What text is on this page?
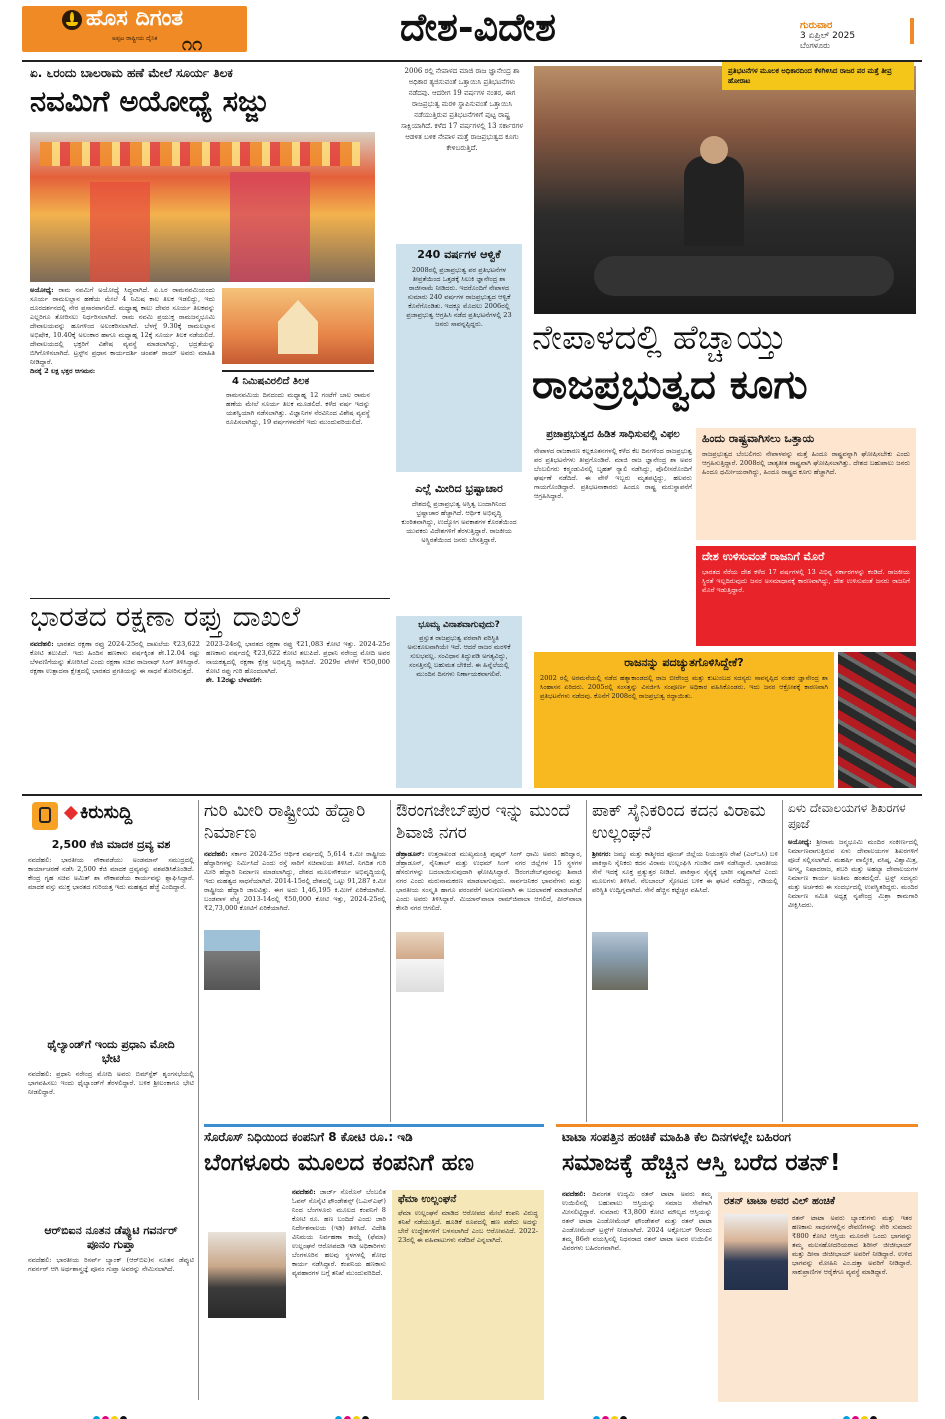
ಹೊಸ ದಿಗಂತ
ಅಪ್ಪಟ ರಾಷ್ಟ್ರೀಯ ದೈನಿಕ ೧೧	ದೇಶ-ವಿದೇಶ	ಗುರುವಾರ
3 ಏಪ್ರಿಲ್ 2025
ಬೆಂಗಳೂರು
ಏ. ೬ರಂದು ಬಾಲರಾಮ ಹಣೆ ಮೇಲೆ ಸೂರ್ಯ ತಿಲಕ
ನವಮಿಗೆ ಅಯೋಧ್ಯೆ ಸಜ್ಜು
ಅಯೋಧ್ಯೆ: ರಾಮ ನವಮಿಗೆ ಅಯೋಧ್ಯೆ ಸಿದ್ಧವಾಗಿದೆ. ಏ.೬ರ ರಾಮನವಮಿಯಂದು ಸೂರ್ಯ ರಾಮಲಲ್ಲಾನ ಹಣೆಯ ಮೇಲೆ 4 ನಿಮಿಷ ಕಾಲ ತಿಲಕ ಇಡಲಿದ್ದು, ಇದು ದೂರದರ್ಶನದಲ್ಲಿ ನೇರ ಪ್ರಸಾರವಾಗಲಿದೆ. ಮಧ್ಯಾಹ್ನ ಕಾಲು ದೇವರ ಸೂರ್ಯ ತಿಲಕವನ್ನು ಎಲ್ಲರಿಗೂ ತೋರಿಸಲು ನಿರ್ಧರಿಸಲಾಗಿದೆ. ರಾಮ ನವಮಿ ಪ್ರಯುಕ್ತ ರಾಮಜನ್ಮಭೂಮಿ ದೇವಾಲಯವನ್ನು ಹೂಗಳಿಂದ ಅಲಂಕರಿಸಲಾಗಿದೆ. ಬೆಳಗ್ಗೆ 9.30ಕ್ಕೆ ರಾಮಲಲ್ಲಾನ ಅಭಿಷೇಕ, 10.40ಕ್ಕೆ ಅಲಂಕಾರ ಹಾಗೂ ಮಧ್ಯಾಹ್ನ 12ಕ್ಕೆ ಸೂರ್ಯ ತಿಲಕ ನಡೆಯಲಿದೆ. ದೇವಾಲಯದಲ್ಲಿ ಭಕ್ತರಿಗೆ ವಿಶೇಷ ವ್ಯವಸ್ಥೆ ಮಾಡಲಾಗಿದ್ದು, ಭದ್ರತೆಯನ್ನು ಬಿಗಿಗೊಳಿಸಲಾಗಿದೆ. ಟ್ರಸ್ಟ್‌ನ ಪ್ರಧಾನ ಕಾರ್ಯದರ್ಶಿ ಚಂಪತ್ ರಾಯ್ ಅವರು ಮಾಹಿತಿ ನೀಡಿದ್ದಾರೆ.
ದಿನಕ್ಕೆ 2 ಲಕ್ಷ ಭಕ್ತರ ಆಗಮನ:
4 ನಿಮಿಷವಿರಲಿದೆ ತಿಲಕ
ರಾಮನವಮಿಯ ದಿನದಂದು ಮಧ್ಯಾಹ್ನ 12 ಗಂಟೆಗೆ ಬಾಲ ರಾಮನ ಹಣೆಯ ಮೇಲೆ ಸೂರ್ಯ ತಿಲಕ ಮೂಡಲಿದೆ. ಕಳೆದ ವರ್ಷ ಇದನ್ನು ಯಶಸ್ವಿಯಾಗಿ ನಡೆಸಲಾಗಿತ್ತು. ವಿಜ್ಞಾನಿಗಳ ನೆರವಿನಿಂದ ವಿಶೇಷ ವ್ಯವಸ್ಥೆ ರೂಪಿಸಲಾಗಿದ್ದು, 19 ವರ್ಷಗಳವರೆಗೆ ಇದು ಮುಂದುವರಿಯಲಿದೆ.
2006 ರಲ್ಲಿ ನೇಪಾಳದ ಮಾಜಿ ರಾಜ ಜ್ಞಾನೇಂದ್ರ ಶಾ ಅಧಿಕಾರ ತ್ಯಜಿಸುವಂತೆ ಒತ್ತಾಯಿಸಿ ಪ್ರತಿಭಟನೆಗಳು ನಡೆದವು. ಆದರೀಗ 19 ವರ್ಷಗಳ ನಂತರ, ಈಗ ರಾಜಪ್ರಭುತ್ವ ಮರಳಿ ಸ್ಥಾಪಿಸುವಂತೆ ಒತ್ತಾಯಿಸಿ ನಡೆಯುತ್ತಿರುವ ಪ್ರತಿಭಟನೆಗಳಿಗೆ ಪುಟ್ಟ ರಾಷ್ಟ್ರ ಸಾಕ್ಷಿಯಾಗಿದೆ. ಕಳೆದ 17 ವರ್ಷಗಳಲ್ಲಿ 13 ಸರ್ಕಾರಗಳ ಆಡಳಿತ ಬಳಿಕ ನೇಪಾಳ ಮತ್ತೆ ರಾಜಪ್ರಭುತ್ವದ ಕೂಗು ಕೇಳಿಬರುತ್ತಿದೆ.
ಪ್ರತಿಭಟನೆಗಳ ಮೂಲಕ ಅಧಿಕಾರದಿಂದ ಕೆಳಗಿಳಿಸಿದ ರಾಜರ ಪರ ಮತ್ತೆ ತೀವ್ರ ಹೋರಾಟ
240 ವರ್ಷಗಳ ಆಳ್ವಿಕೆ
2008ರಲ್ಲಿ ಪ್ರಜಾಪ್ರಭುತ್ವ ಪರ ಪ್ರತಿಭಟನೆಗಳ ತೀವ್ರತೆಯಿಂದ ಒತ್ತಡಕ್ಕೆ ಸಿಲುಕಿ ಜ್ಞಾನೇಂದ್ರ ಶಾ ರಾಜೀನಾಮೆ ನೀಡಿದರು. ಇದರೊಂದಿಗೆ ನೇಪಾಳದ ಸುಮಾರು 240 ವರ್ಷಗಳ ರಾಜಪ್ರಭುತ್ವದ ಆಳ್ವಿಕೆ ಕೊನೆಗೊಂಡಿತು. ಇದಕ್ಕೂ ಮೊದಲು 2006ರಲ್ಲಿ ಪ್ರಜಾಪ್ರಭುತ್ವ ಆಗ್ರಹಿಸಿ ನಡೆದ ಪ್ರತಿಭಟನೆಗಳಲ್ಲಿ 23 ಜನರು ಸಾವನ್ನಪ್ಪಿದ್ದರು.
ಎಲ್ಲೆ ಮೀರಿದ ಭ್ರಷ್ಟಾಚಾರ
ದೇಶದಲ್ಲಿ ಪ್ರಜಾಪ್ರಭುತ್ವ ಅಸ್ತಿತ್ವ ಬಂದಾಗಿನಿಂದ ಭ್ರಷ್ಟಾಚಾರ ಹೆಚ್ಚಾಗಿದೆ. ಆರ್ಥಿಕ ಅಭಿವೃದ್ಧಿ ಕುಂಠಿತವಾಗಿದ್ದು, ಉದ್ಯೋಗ ಅವಕಾಶಗಳ ಕೊರತೆಯಿಂದ ಯುವಕರು ವಿದೇಶಗಳಿಗೆ ತೆರಳುತ್ತಿದ್ದಾರೆ. ರಾಜಕೀಯ ಅಸ್ಥಿರತೆಯಿಂದ ಜನರು ಬೇಸತ್ತಿದ್ದಾರೆ.
ಭೂಮ್ಯ ವಿನಾಶವಾಗುವುದು?
ಪ್ರಸ್ತುತ ರಾಜಪ್ರಭುತ್ವ ಪರವಾಗಿ ಪರಿಸ್ಥಿತಿ ಅನುಕೂಲವಾಗಿಯೇ ಇದೆ. ಆದರೆ ರಾಜರ ಮರಳಿಕೆ ಸುಲಭವಲ್ಲ. ಸಂವಿಧಾನ ತಿದ್ದುಪಡಿ ಅಗತ್ಯವಿದ್ದು, ಸಂಸತ್ತಿನಲ್ಲಿ ಬಹುಮತ ಬೇಕಿದೆ. ಈ ಹಿನ್ನೆಲೆಯಲ್ಲಿ ಮುಂದಿನ ದಿನಗಳು ನಿರ್ಣಾಯಕವಾಗಲಿವೆ.
ನೇಪಾಳದಲ್ಲಿ ಹೆಚ್ಚಾಯ್ತು
ರಾಜಪ್ರಭುತ್ವದ ಕೂಗು
ಪ್ರಜಾಪ್ರಭುತ್ವದ ಹಿಡಿತ ಸಾಧಿಸುವಲ್ಲಿ ವಿಫಲ
ನೇಪಾಳದ ರಾಜಕಾರಣ ಕಲ್ಲಕೂತನಗಳಲ್ಲಿ ಕಳೆದ ಕೆಲ ದಿನಗಳಿಂದ ರಾಜಪ್ರಭುತ್ವ ಪರ ಪ್ರತಿಭಟನೆಗಳು ತೀವ್ರಗೊಂಡಿವೆ. ಮಾಜಿ ರಾಜ ಜ್ಞಾನೇಂದ್ರ ಶಾ ಅವರ ಬೆಂಬಲಿಗರು ಕಠ್ಮಂಡುವಿನಲ್ಲಿ ಬೃಹತ್ ರ‍್ಯಾಲಿ ನಡೆಸಿದ್ದು, ಪೊಲೀಸರೊಂದಿಗೆ ಘರ್ಷಣೆ ನಡೆದಿದೆ. ಈ ವೇಳೆ ಇಬ್ಬರು ಮೃತಪಟ್ಟಿದ್ದು, ಹಲವರು ಗಾಯಗೊಂಡಿದ್ದಾರೆ. ಪ್ರತಿಭಟನಾಕಾರರು ಹಿಂದೂ ರಾಷ್ಟ್ರ ಮರುಸ್ಥಾಪನೆಗೆ ಆಗ್ರಹಿಸಿದ್ದಾರೆ.
ಹಿಂದು ರಾಷ್ಟ್ರವಾಗಿಸಲು ಒತ್ತಾಯ
ರಾಜಪ್ರಭುತ್ವದ ಬೆಂಬಲಿಗರು ನೇಪಾಳವನ್ನು ಮತ್ತೆ ಹಿಂದೂ ರಾಷ್ಟ್ರವನ್ನಾಗಿ ಘೋಷಿಸಬೇಕು ಎಂದು ಆಗ್ರಹಿಸುತ್ತಿದ್ದಾರೆ. 2008ರಲ್ಲಿ ಜಾತ್ಯತೀತ ರಾಷ್ಟ್ರವಾಗಿ ಘೋಷಿಸಲಾಗಿತ್ತು. ದೇಶದ ಬಹುಪಾಲು ಜನರು ಹಿಂದೂ ಧರ್ಮೀಯರಾಗಿದ್ದು, ಹಿಂದೂ ರಾಷ್ಟ್ರದ ಕೂಗು ಹೆಚ್ಚಾಗಿದೆ.
ದೇಶ ಉಳಿಸುವಂತೆ ರಾಜನಿಗೆ ಮೊರೆ
ಭಾರತದ ನೆರೆಯ ದೇಶ ಕಳೆದ 17 ವರ್ಷಗಳಲ್ಲಿ 13 ವಿಭಿನ್ನ ಸರ್ಕಾರಗಳನ್ನು ಕಂಡಿದೆ. ರಾಜಕೀಯ ಸ್ಥಿರತೆ ಇಲ್ಲದಿರುವುದು ಜನರ ಅಸಮಾಧಾನಕ್ಕೆ ಕಾರಣವಾಗಿದ್ದು, ದೇಶ ಉಳಿಸುವಂತೆ ಜನರು ರಾಜನಿಗೆ ಮೊರೆ ಇಡುತ್ತಿದ್ದಾರೆ.
ರಾಜನನ್ನು ಪದಚ್ಯುತಗೊಳಿಸಿದ್ದೇಕೆ?
2002 ರಲ್ಲಿ ಅರಮನೆಯಲ್ಲಿ ನಡೆದ ಹತ್ಯಾಕಾಂಡದಲ್ಲಿ ರಾಜ ಬೀರೇಂದ್ರ ಮತ್ತು ಕುಟುಂಬದ ಸದಸ್ಯರು ಸಾವನ್ನಪ್ಪಿದ ನಂತರ ಜ್ಞಾನೇಂದ್ರ ಶಾ ಸಿಂಹಾಸನ ಏರಿದರು. 2005ರಲ್ಲಿ ಸಂಸತ್ತನ್ನು ವಿಸರ್ಜಿಸಿ ಸಂಪೂರ್ಣ ಅಧಿಕಾರ ವಹಿಸಿಕೊಂಡರು. ಇದು ಜನರ ಆಕ್ರೋಶಕ್ಕೆ ಕಾರಣವಾಗಿ ಪ್ರತಿಭಟನೆಗಳು ನಡೆದವು. ಕೊನೆಗೆ 2008ರಲ್ಲಿ ರಾಜಪ್ರಭುತ್ವ ರದ್ದಾಯಿತು.
ಭಾರತದ ರಕ್ಷಣಾ ರಫ್ತು ದಾಖಲೆ
ನವದೆಹಲಿ: ಭಾರತದ ರಕ್ಷಣಾ ರಫ್ತು 2024-25ರಲ್ಲಿ ದಾಖಲೆಯ ₹23,622 ಕೋಟಿ ತಲುಪಿದೆ. ಇದು ಹಿಂದಿನ ಹಣಕಾಸು ವರ್ಷಕ್ಕಿಂತ ಶೇ.12.04 ರಷ್ಟು ಬೆಳವಣಿಗೆಯನ್ನು ತೋರಿಸಿದೆ ಎಂದು ರಕ್ಷಣಾ ಸಚಿವ ರಾಜನಾಥ್ ಸಿಂಗ್ ತಿಳಿಸಿದ್ದಾರೆ. ರಕ್ಷಣಾ ಉತ್ಪಾದನಾ ಕ್ಷೇತ್ರದಲ್ಲಿ ಭಾರತದ ಪ್ರಗತಿಯನ್ನು ಈ ಸಾಧನೆ ತೋರಿಸುತ್ತದೆ.
2023-24ರಲ್ಲಿ ಭಾರತದ ರಕ್ಷಣಾ ರಫ್ತು ₹21,083 ಕೋಟಿ ಇತ್ತು. 2024-25ರ ಹಣಕಾಸು ವರ್ಷದಲ್ಲಿ ₹23,622 ಕೋಟಿ ತಲುಪಿದೆ. ಪ್ರಧಾನಿ ನರೇಂದ್ರ ಮೋದಿ ಅವರ ನಾಯಕತ್ವದಲ್ಲಿ ರಕ್ಷಣಾ ಕ್ಷೇತ್ರ ಅಭಿವೃದ್ಧಿ ಸಾಧಿಸಿದೆ. 2029ರ ವೇಳೆಗೆ ₹50,000 ಕೋಟಿ ರಫ್ತು ಗುರಿ ಹೊಂದಲಾಗಿದೆ.
ಶೇ. 12ರಷ್ಟು ಬೆಳವಣಿಗೆ:
ಕಿರುಸುದ್ದಿ
2,500 ಕೆಜಿ ಮಾದಕ ದ್ರವ್ಯ ವಶ
ನವದೆಹಲಿ: ಭಾರತೀಯ ನೌಕಾಪಡೆಯು ಅಂಡಮಾನ್ ಸಮುದ್ರದಲ್ಲಿ ಕಾರ್ಯಾಚರಣೆ ನಡೆಸಿ 2,500 ಕೆಜಿ ಮಾದಕ ದ್ರವ್ಯವನ್ನು ವಶಪಡಿಸಿಕೊಂಡಿದೆ. ಕೇಂದ್ರ ಗೃಹ ಸಚಿವ ಅಮಿತ್ ಶಾ ನೌಕಾಪಡೆಯ ಕಾರ್ಯವನ್ನು ಶ್ಲಾಘಿಸಿದ್ದಾರೆ. ಮಾದಕ ವಸ್ತು ಮುಕ್ತ ಭಾರತದ ಗುರಿಯತ್ತ ಇದು ಮಹತ್ವದ ಹೆಜ್ಜೆ ಎಂದಿದ್ದಾರೆ.
ಥೈಲ್ಯಾಂಡ್‌ಗೆ ಇಂದು ಪ್ರಧಾನಿ ಮೋದಿ ಭೇಟಿ
ನವದೆಹಲಿ: ಪ್ರಧಾನಿ ನರೇಂದ್ರ ಮೋದಿ ಅವರು ಬಿಮ್‌ಸ್ಟೆಕ್ ಶೃಂಗಸಭೆಯಲ್ಲಿ ಭಾಗವಹಿಸಲು ಇಂದು ಥೈಲ್ಯಾಂಡ್‌ಗೆ ತೆರಳಲಿದ್ದಾರೆ. ಬಳಿಕ ಶ್ರೀಲಂಕಾಗೂ ಭೇಟಿ ನೀಡಲಿದ್ದಾರೆ.
ಆರ್‌ಬಿಐನ ನೂತನ ಡೆಪ್ಯುಟಿ ಗವರ್ನರ್ ಪೂನಂ ಗುಪ್ತಾ
ನವದೆಹಲಿ: ಭಾರತೀಯ ರಿಸರ್ವ್ ಬ್ಯಾಂಕ್ (ಆರ್‌ಬಿಐ)ನ ನೂತನ ಡೆಪ್ಯುಟಿ ಗವರ್ನರ್ ಆಗಿ ಅರ್ಥಶಾಸ್ತ್ರಜ್ಞೆ ಪೂನಂ ಗುಪ್ತಾ ಅವರನ್ನು ನೇಮಿಸಲಾಗಿದೆ.
ಗುರಿ ಮೀರಿ ರಾಷ್ಟ್ರೀಯ ಹೆದ್ದಾರಿ ನಿರ್ಮಾಣ
ನವದೆಹಲಿ: ಸರ್ಕಾರ 2024-25ರ ಆರ್ಥಿಕ ವರ್ಷದಲ್ಲಿ 5,614 ಕಿ.ಮೀ ರಾಷ್ಟ್ರೀಯ ಹೆದ್ದಾರಿಗಳನ್ನು ನಿರ್ಮಿಸಿದೆ ಎಂದು ರಸ್ತೆ ಸಾರಿಗೆ ಸಚಿವಾಲಯ ತಿಳಿಸಿದೆ. ನಿಗದಿತ ಗುರಿ ಮೀರಿ ಹೆದ್ದಾರಿ ನಿರ್ಮಾಣ ಮಾಡಲಾಗಿದ್ದು, ದೇಶದ ಮೂಲಸೌಕರ್ಯ ಅಭಿವೃದ್ಧಿಯಲ್ಲಿ ಇದು ಮಹತ್ವದ ಸಾಧನೆಯಾಗಿದೆ. 2014-15ರಲ್ಲಿ ದೇಶದಲ್ಲಿ ಒಟ್ಟು 91,287 ಕಿ.ಮೀ ರಾಷ್ಟ್ರೀಯ ಹೆದ್ದಾರಿ ಜಾಲವಿತ್ತು. ಈಗ ಅದು 1,46,195 ಕಿ.ಮೀಗೆ ಏರಿಕೆಯಾಗಿದೆ. ಬಂಡವಾಳ ವೆಚ್ಚ 2013-14ರಲ್ಲಿ ₹50,000 ಕೋಟಿ ಇತ್ತು, 2024-25ರಲ್ಲಿ ₹2,73,000 ಕೋಟಿಗೆ ಏರಿಕೆಯಾಗಿದೆ.
ಔರಂಗಜೇಬ್‌ಪುರ ಇನ್ನು ಮುಂದೆ ಶಿವಾಜಿ ನಗರ
ಡೆಹ್ರಾಡೂನ್: ಉತ್ತರಾಖಂಡ ಮುಖ್ಯಮಂತ್ರಿ ಪುಷ್ಕರ್ ಸಿಂಗ್ ಧಾಮಿ ಅವರು ಹರಿದ್ವಾರ, ಡೆಹ್ರಾಡೂನ್, ನೈನಿತಾಲ್ ಮತ್ತು ಉಧಮ್ ಸಿಂಗ್ ನಗರ ಜಿಲ್ಲೆಗಳ 15 ಸ್ಥಳಗಳ ಹೆಸರುಗಳನ್ನು ಬದಲಾಯಿಸುವುದಾಗಿ ಘೋಷಿಸಿದ್ದಾರೆ. ಔರಂಗಜೇಬ್‌ಪುರವನ್ನು ಶಿವಾಜಿ ನಗರ ಎಂದು ಮರುನಾಮಕರಣ ಮಾಡಲಾಗುವುದು. ಸಾರ್ವಜನಿಕರ ಭಾವನೆಗಳು ಮತ್ತು ಭಾರತೀಯ ಸಂಸ್ಕೃತಿ ಹಾಗೂ ಪರಂಪರೆಗೆ ಅನುಗುಣವಾಗಿ ಈ ಬದಲಾವಣೆ ಮಾಡಲಾಗಿದೆ ಎಂದು ಅವರು ತಿಳಿಸಿದ್ದಾರೆ. ಮಿಯಾನ್‌ವಾಲಾ ರಾಮ್‌ಜಿವಾಲಾ ಆಗಲಿದೆ, ಪೀರ್‌ವಾಲಾ ಕೇಸರಿ ನಗರ ಆಗಲಿದೆ.
ಪಾಕ್ ಸೈನಿಕರಿಂದ ಕದನ ವಿರಾಮ ಉಲ್ಲಂಘನೆ
ಶ್ರೀನಗರ: ಜಮ್ಮು ಮತ್ತು ಕಾಶ್ಮೀರದ ಪೂಂಚ್ ಜಿಲ್ಲೆಯ ನಿಯಂತ್ರಣ ರೇಖೆ (ಎಲ್‌ಒಸಿ) ಬಳಿ ಪಾಕಿಸ್ತಾನಿ ಸೈನಿಕರು ಕದನ ವಿರಾಮ ಉಲ್ಲಂಘಿಸಿ ಗುಂಡಿನ ದಾಳಿ ನಡೆಸಿದ್ದಾರೆ. ಭಾರತೀಯ ಸೇನೆ ಇದಕ್ಕೆ ಸೂಕ್ತ ಪ್ರತ್ಯುತ್ತರ ನೀಡಿದೆ. ಪಾಕಿಸ್ತಾನ ಸೈನ್ಯಕ್ಕೆ ಭಾರೀ ನಷ್ಟವಾಗಿದೆ ಎಂದು ಮೂಲಗಳು ತಿಳಿಸಿವೆ. ನೆಲಬಾಂಬ್ ಸ್ಫೋಟದ ಬಳಿಕ ಈ ಘಟನೆ ನಡೆದಿದ್ದು, ಗಡಿಯಲ್ಲಿ ಪರಿಸ್ಥಿತಿ ಉದ್ವಿಗ್ನವಾಗಿದೆ. ಸೇನೆ ಹೆಚ್ಚಿನ ಕಟ್ಟೆಚ್ಚರ ವಹಿಸಿದೆ.
ಏಳು ದೇವಾಲಯಗಳ ಶಿಖರಗಳ ಪೂಜೆ
ಅಯೋಧ್ಯೆ: ಶ್ರೀರಾಮ ಜನ್ಮಭೂಮಿ ಮಂದಿರ ಸಂಕೀರ್ಣದಲ್ಲಿ ನಿರ್ಮಾಣವಾಗುತ್ತಿರುವ ಏಳು ದೇವಾಲಯಗಳ ಶಿಖರಗಳಿಗೆ ಪೂಜೆ ಸಲ್ಲಿಸಲಾಗಿದೆ. ಮಹರ್ಷಿ ವಾಲ್ಮೀಕಿ, ವಸಿಷ್ಠ, ವಿಶ್ವಾಮಿತ್ರ, ಅಗಸ್ತ್ಯ, ನಿಷಾದರಾಜ, ಶಬರಿ ಮತ್ತು ಅಹಲ್ಯಾ ದೇವಾಲಯಗಳ ನಿರ್ಮಾಣ ಕಾರ್ಯ ಅಂತಿಮ ಹಂತದಲ್ಲಿದೆ. ಟ್ರಸ್ಟ್ ಸದಸ್ಯರು ಮತ್ತು ಅರ್ಚಕರು ಈ ಸಂದರ್ಭದಲ್ಲಿ ಉಪಸ್ಥಿತರಿದ್ದರು. ಮಂದಿರ ನಿರ್ಮಾಣ ಸಮಿತಿ ಅಧ್ಯಕ್ಷ ನೃಪೇಂದ್ರ ಮಿಶ್ರಾ ಕಾಮಗಾರಿ ವೀಕ್ಷಿಸಿದರು.
ಸೊರೊಸ್ ನಿಧಿಯಿಂದ ಕಂಪನಿಗೆ 8 ಕೋಟಿ ರೂ.: ಇಡಿ
ಬೆಂಗಳೂರು ಮೂಲದ ಕಂಪನಿಗೆ ಹಣ
ನವದೆಹಲಿ: ಜಾರ್ಜ್ ಸೊರೊಸ್ ಬೆಂಬಲಿತ ಓಪನ್ ಸೊಸೈಟಿ ಫೌಂಡೇಶನ್ಸ್ (ಒಎಸ್‌ಎಫ್) ನಿಂದ ಬೆಂಗಳೂರು ಮೂಲದ ಕಂಪನಿಗೆ 8 ಕೋಟಿ ರೂ. ಹಣ ಬಂದಿದೆ ಎಂದು ಜಾರಿ ನಿರ್ದೇಶನಾಲಯ (ಇಡಿ) ತಿಳಿಸಿದೆ. ವಿದೇಶಿ ವಿನಿಮಯ ನಿರ್ವಹಣಾ ಕಾಯ್ದೆ (ಫೆಮಾ) ಉಲ್ಲಂಘನೆ ಆರೋಪದಡಿ ಇಡಿ ಅಧಿಕಾರಿಗಳು ಬೆಂಗಳೂರಿನ ಹಲವು ಸ್ಥಳಗಳಲ್ಲಿ ಶೋಧ ಕಾರ್ಯ ನಡೆಸಿದ್ದಾರೆ. ಕಂಪನಿಯ ಹಣಕಾಸು ವ್ಯವಹಾರಗಳ ಬಗ್ಗೆ ತನಿಖೆ ಮುಂದುವರಿದಿದೆ.
ಫೆಮಾ ಉಲ್ಲಂಘನೆ
ಫೆಮಾ ಉಲ್ಲಂಘನೆ ಮಾಡಿದ ಆರೋಪದ ಮೇಲೆ ಕಂಪನಿ ವಿರುದ್ಧ ತನಿಖೆ ನಡೆಯುತ್ತಿದೆ. ಹೂಡಿಕೆ ರೂಪದಲ್ಲಿ ಹಣ ಪಡೆದು ಅದನ್ನು ಬೇರೆ ಉದ್ದೇಶಗಳಿಗೆ ಬಳಸಲಾಗಿದೆ ಎಂಬ ಆರೋಪವಿದೆ. 2022-23ರಲ್ಲಿ ಈ ವಹಿವಾಟುಗಳು ನಡೆದಿವೆ ಎನ್ನಲಾಗಿದೆ.
ಟಾಟಾ ಸಂಪತ್ತಿನ ಹಂಚಿಕೆ ಮಾಹಿತಿ ಕೆಲ ದಿನಗಳಲ್ಲೇ ಬಹಿರಂಗ
ಸಮಾಜಕ್ಕೆ ಹೆಚ್ಚಿನ ಆಸ್ತಿ ಬರೆದ ರತನ್!
ನವದೆಹಲಿ: ದಿವಂಗತ ಉದ್ಯಮಿ ರತನ್ ಟಾಟಾ ಅವರು ತಮ್ಮ ಉಯಿಲಿನಲ್ಲಿ ಬಹುಪಾಲು ಆಸ್ತಿಯನ್ನು ಸಮಾಜ ಸೇವೆಗಾಗಿ ಮೀಸಲಿಟ್ಟಿದ್ದಾರೆ. ಸುಮಾರು ₹3,800 ಕೋಟಿ ಮೌಲ್ಯದ ಆಸ್ತಿಯನ್ನು ರತನ್ ಟಾಟಾ ಎಂಡೋಮೆಂಟ್ ಫೌಂಡೇಶನ್ ಮತ್ತು ರತನ್ ಟಾಟಾ ಎಂಡೋಮೆಂಟ್ ಟ್ರಸ್ಟ್‌ಗೆ ನೀಡಲಾಗಿದೆ. 2024 ಅಕ್ಟೋಬರ್ 9ರಂದು ತಮ್ಮ 86ನೇ ವಯಸ್ಸಿನಲ್ಲಿ ನಿಧನರಾದ ರತನ್ ಟಾಟಾ ಅವರ ಉಯಿಲಿನ ವಿವರಗಳು ಬಹಿರಂಗವಾಗಿವೆ.
ರತನ್ ಟಾಟಾ ಅವರ ವಿಲ್ ಹಂಚಿಕೆ
ರತನ್ ಟಾಟಾ ಅವರು ಬ್ಯಾಂಕುಗಳು ಮತ್ತು ಇತರ ಹಣಕಾಸು ಸಾಧನಗಳಲ್ಲಿನ ಠೇವಣಿಗಳನ್ನು ಸೇರಿ ಸುಮಾರು ₹800 ಕೋಟಿ ಆಸ್ತಿಯ ಮೂರನೇ ಒಂದು ಭಾಗವನ್ನು ತಮ್ಮ ಮಲಸಹೋದರಿಯರಾದ ಶಿರೀನ್ ಜೀಜೀಭಾಯ್ ಮತ್ತು ದೀನಾ ಜೀಜೀಭಾಯ್ ಅವರಿಗೆ ನೀಡಿದ್ದಾರೆ. ಉಳಿದ ಭಾಗವನ್ನು ಮೋಹಿನಿ ಎಂ.ದತ್ತಾ ಅವರಿಗೆ ನೀಡಿದ್ದಾರೆ. ಸಾಕುಪ್ರಾಣಿಗಳ ಆರೈಕೆಗೂ ವ್ಯವಸ್ಥೆ ಮಾಡಿದ್ದಾರೆ.
